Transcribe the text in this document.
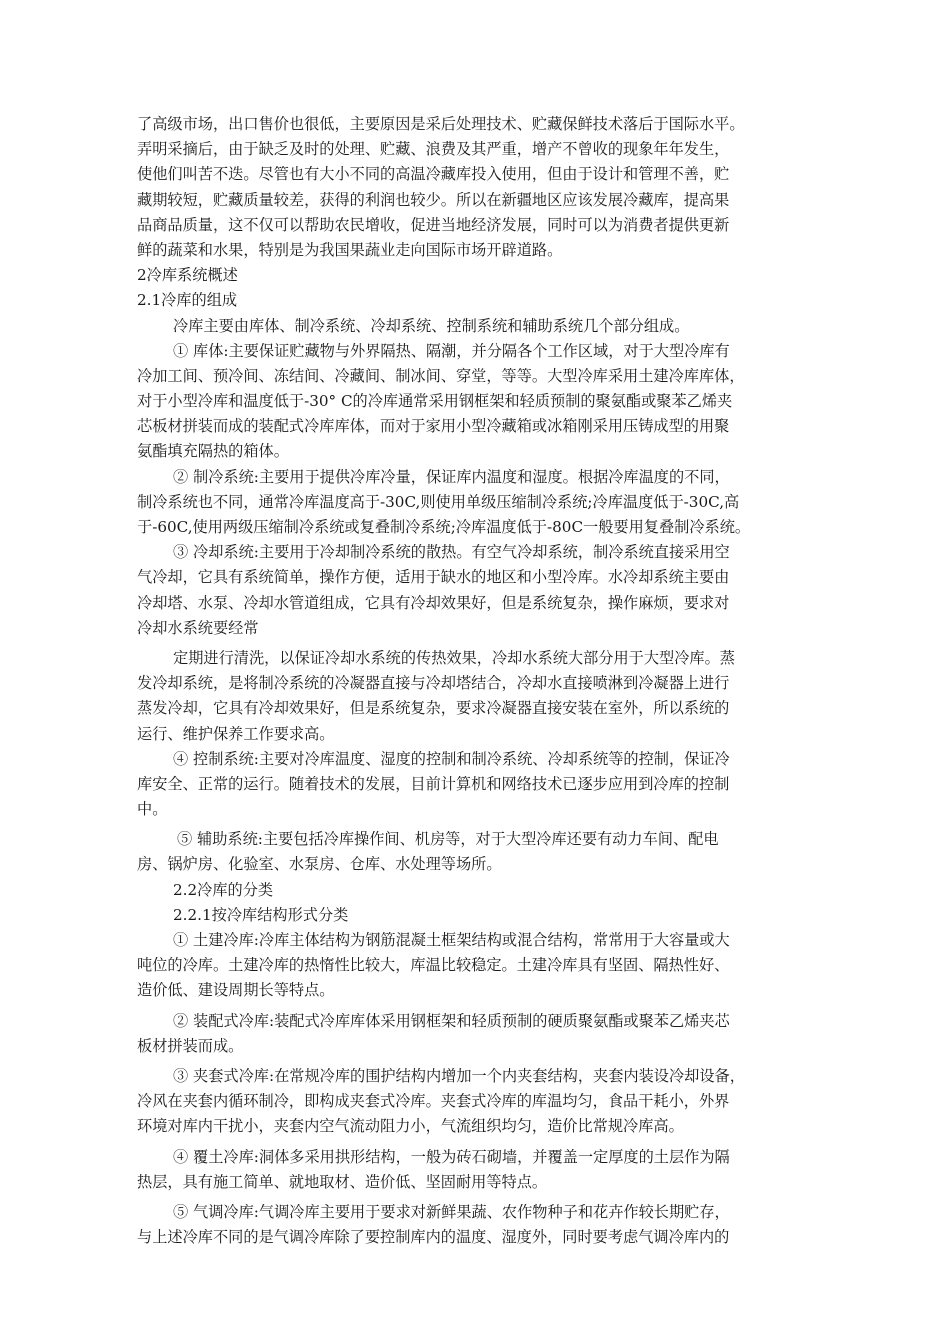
了高级市场，出口售价也很低，主要原因是采后处理技术、贮藏保鲜技术落后于国际水平。
弄明采摘后，由于缺乏及时的处理、贮藏、浪费及其严重，增产不曾收的现象年年发生，
使他们叫苦不迭。尽管也有大小不同的高温冷藏库投入使用，但由于设计和管理不善，贮
藏期较短，贮藏质量较差，获得的利润也较少。所以在新疆地区应该发展冷藏库，提高果
品商品质量，这不仅可以帮助农民增收，促进当地经济发展，同时可以为消费者提供更新
鲜的蔬菜和水果，特别是为我国果蔬业走向国际市场开辟道路。
2冷库系统概述
2.1冷库的组成
冷库主要由库体、制冷系统、冷却系统、控制系统和辅助系统几个部分组成。
① 库体:主要保证贮藏物与外界隔热、隔潮，并分隔各个工作区域，对于大型冷库有
冷加工间、预冷间、冻结间、冷藏间、制冰间、穿堂，等等。大型冷库采用土建冷库库体，
对于小型冷库和温度低于-30° C的冷库通常采用钢框架和轻质预制的聚氨酯或聚苯乙烯夹
芯板材拼装而成的装配式冷库库体，而对于家用小型冷藏箱或冰箱刚采用压铸成型的用聚
氨酯填充隔热的箱体。
② 制冷系统:主要用于提供冷库冷量，保证库内温度和湿度。根据冷库温度的不同，
制冷系统也不同，通常冷库温度高于-30C,则使用单级压缩制冷系统;冷库温度低于-30C,高
于-60C,使用两级压缩制冷系统或复叠制冷系统;冷库温度低于-80C一般要用复叠制冷系统。
③ 冷却系统:主要用于冷却制冷系统的散热。有空气冷却系统，制冷系统直接采用空
气冷却，它具有系统简单，操作方便，适用于缺水的地区和小型冷库。水冷却系统主要由
冷却塔、水泵、冷却水管道组成，它具有冷却效果好，但是系统复杂，操作麻烦，要求对
冷却水系统要经常
定期进行清洗，以保证冷却水系统的传热效果，冷却水系统大部分用于大型冷库。蒸
发冷却系统，是将制冷系统的冷凝器直接与冷却塔结合，冷却水直接喷淋到冷凝器上进行
蒸发冷却，它具有冷却效果好，但是系统复杂，要求冷凝器直接安装在室外，所以系统的
运行、维护保养工作要求高。
④ 控制系统:主要对冷库温度、湿度的控制和制冷系统、冷却系统等的控制，保证冷
库安全、正常的运行。随着技术的发展，目前计算机和网络技术已逐步应用到冷库的控制
中。
⑤ 辅助系统:主要包括冷库操作间、机房等，对于大型冷库还要有动力车间、配电
房、锅炉房、化验室、水泵房、仓库、水处理等场所。
2.2冷库的分类
2.2.1按冷库结构形式分类
① 土建冷库:冷库主体结构为钢筋混凝土框架结构或混合结构，常常用于大容量或大
吨位的冷库。土建冷库的热惰性比较大，库温比较稳定。土建冷库具有坚固、隔热性好、
造价低、建设周期长等特点。
② 装配式冷库:装配式冷库库体采用钢框架和轻质预制的硬质聚氨酯或聚苯乙烯夹芯
板材拼装而成。
③ 夹套式冷库:在常规冷库的围护结构内增加一个内夹套结构，夹套内装设冷却设备，
冷风在夹套内循环制冷，即构成夹套式冷库。夹套式冷库的库温均匀，食品干耗小，外界
环境对库内干扰小，夹套内空气流动阻力小，气流组织均匀，造价比常规冷库高。
④ 覆土冷库:洞体多采用拱形结构，一般为砖石砌墙，并覆盖一定厚度的土层作为隔
热层，具有施工简单、就地取材、造价低、坚固耐用等特点。
⑤ 气调冷库:气调冷库主要用于要求对新鲜果蔬、农作物种子和花卉作较长期贮存，
与上述冷库不同的是气调冷库除了要控制库内的温度、湿度外，同时要考虑气调冷库内的
